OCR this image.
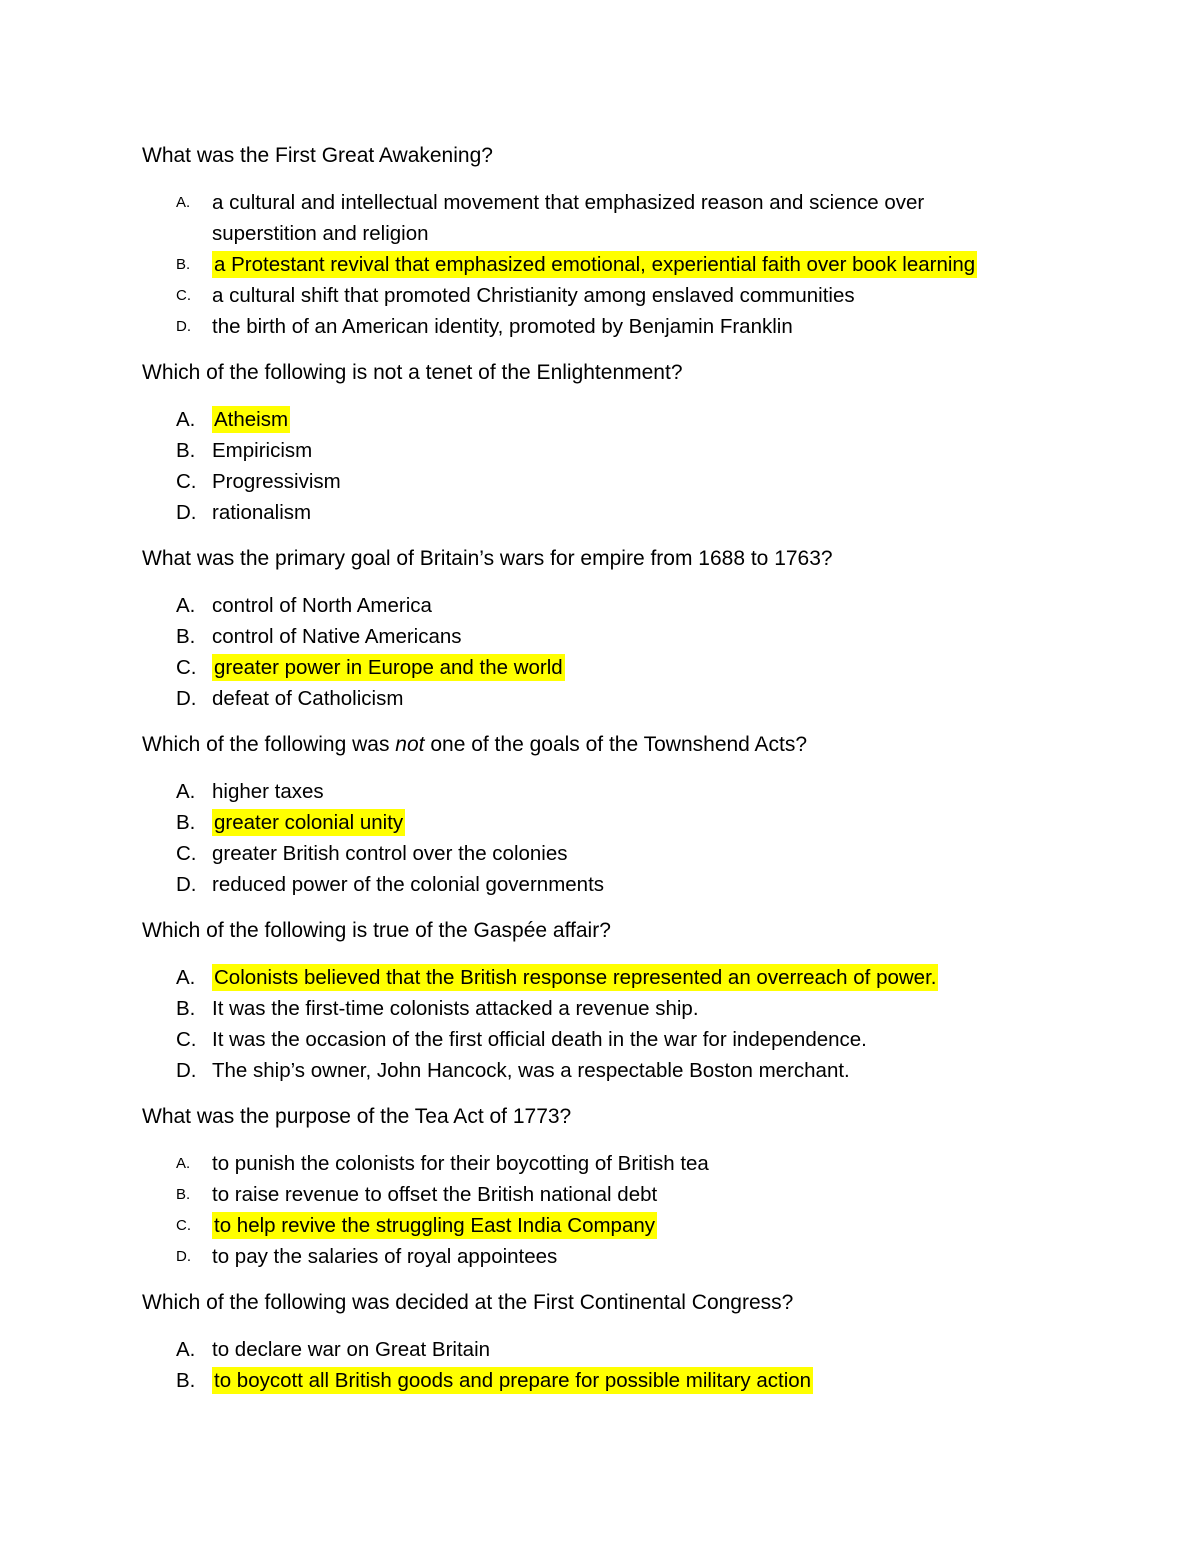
What was the First Great Awakening?

A.	a cultural and intellectual movement that emphasized reason and science over superstition and religion
B.	a Protestant revival that emphasized emotional, experiential faith over book learning
C.	a cultural shift that promoted Christianity among enslaved communities
D.	the birth of an American identity, promoted by Benjamin Franklin

Which of the following is not a tenet of the Enlightenment?

A. Atheism
B. Empiricism
C. Progressivism
D. rationalism

What was the primary goal of Britain’s wars for empire from 1688 to 1763?

A. control of North America
B. control of Native Americans
C. greater power in Europe and the world
D. defeat of Catholicism

Which of the following was not one of the goals of the Townshend Acts?

A. higher taxes
B. greater colonial unity
C. greater British control over the colonies
D. reduced power of the colonial governments

Which of the following is true of the Gaspée affair?

A. Colonists believed that the British response represented an overreach of power.
B. It was the first-time colonists attacked a revenue ship.
C. It was the occasion of the first official death in the war for independence.
D. The ship’s owner, John Hancock, was a respectable Boston merchant.

What was the purpose of the Tea Act of 1773?

A.	to punish the colonists for their boycotting of British tea
B.	to raise revenue to offset the British national debt
C.	to help revive the struggling East India Company
D.	to pay the salaries of royal appointees

Which of the following was decided at the First Continental Congress?

A. to declare war on Great Britain
B. to boycott all British goods and prepare for possible military action
